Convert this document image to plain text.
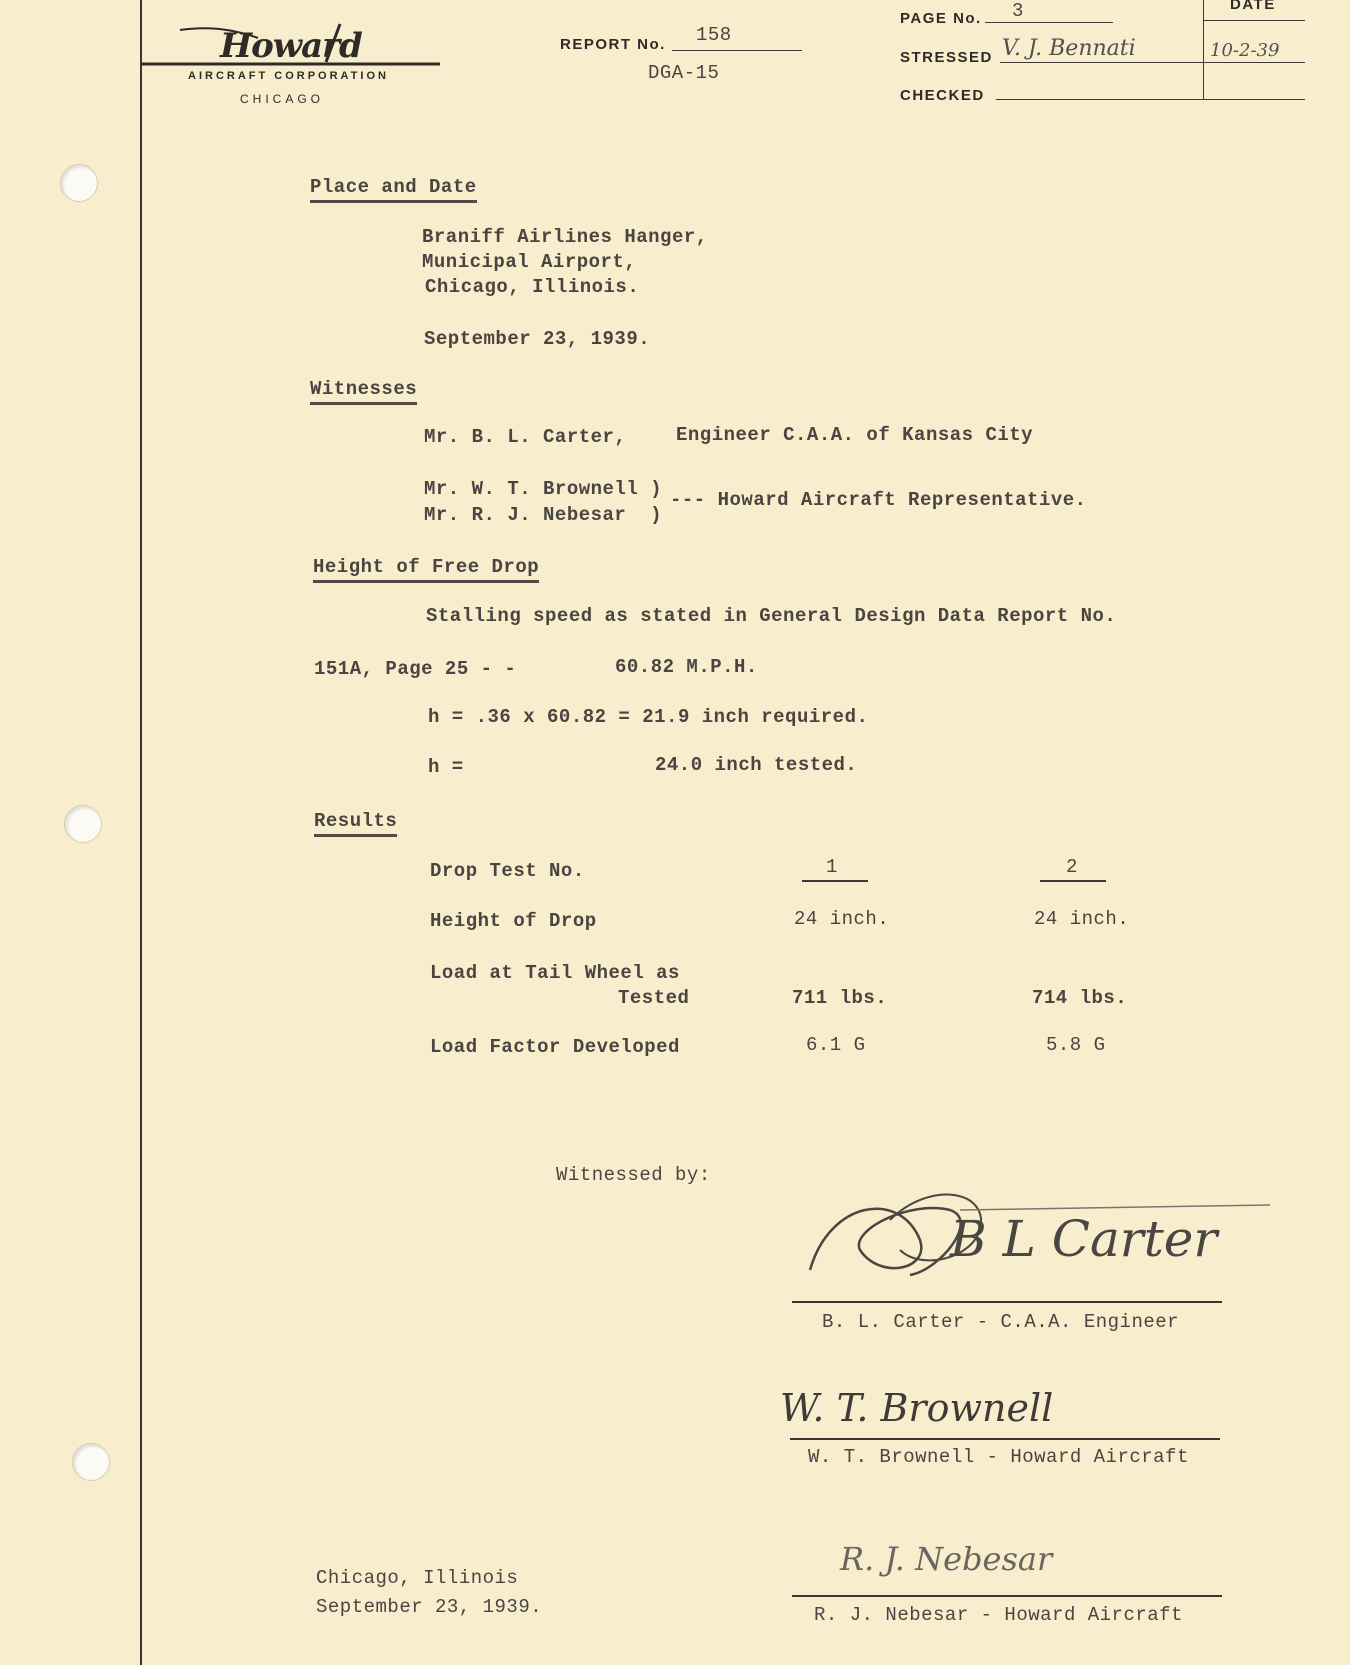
Howard
AIRCRAFT CORPORATION
CHICAGO
REPORT No. 158
DGA-15
PAGE No. 3	DATE
STRESSED V. J. Bennati	10-2-39
CHECKED
Place and Date
Braniff Airlines Hanger,
Municipal Airport,
Chicago, Illinois.
September 23, 1939.
Witnesses
Mr. B. L. Carter,	Engineer C.A.A. of Kansas City
Mr. W. T. Brownell )
Mr. R. J. Nebesar  )
--- Howard Aircraft Representative.
Height of Free Drop
Stalling speed as stated in General Design Data Report No.
151A, Page 25 - -	60.82 M.P.H.
h = .36 x 60.82 = 21.9 inch required.
h =	24.0 inch tested.
Results
Drop Test No.	1	2
Height of Drop	24 inch.	24 inch.
Load at Tail Wheel as
Tested	711 lbs.	714 lbs.
Load Factor Developed	6.1 G	5.8 G
Witnessed by:
B L Carter
B. L. Carter - C.A.A. Engineer
W. T. Brownell
W. T. Brownell - Howard Aircraft
R. J. Nebesar
R. J. Nebesar - Howard Aircraft
Chicago, Illinois
September 23, 1939.
